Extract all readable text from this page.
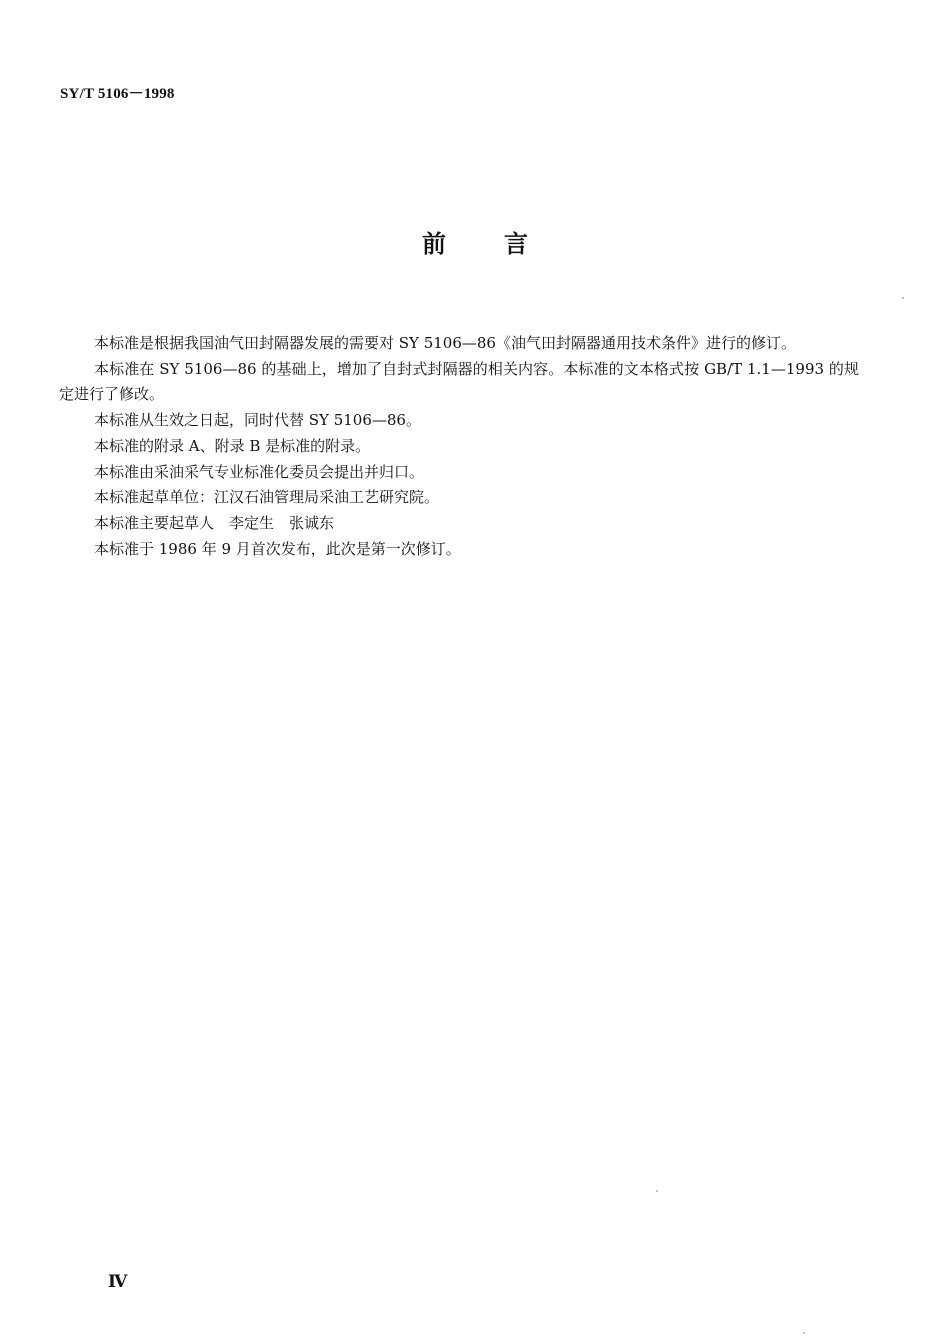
SY/T 5106－1998
前 言

本标准是根据我国油气田封隔器发展的需要对 SY 5106—86《油气田封隔器通用技术条件》进行的修订。

本标准在 SY 5106—86 的基础上，增加了自封式封隔器的相关内容。本标准的文本格式按 GB/T 1.1—1993 的规定进行了修改。

本标准从生效之日起，同时代替 SY 5106—86。

本标准的附录 A、附录 B 是标准的附录。

本标准由采油采气专业标准化委员会提出并归口。

本标准起草单位：江汉石油管理局采油工艺研究院。

本标准主要起草人　李定生　张诚东

本标准于 1986 年 9 月首次发布，此次是第一次修订。

Ⅳ
